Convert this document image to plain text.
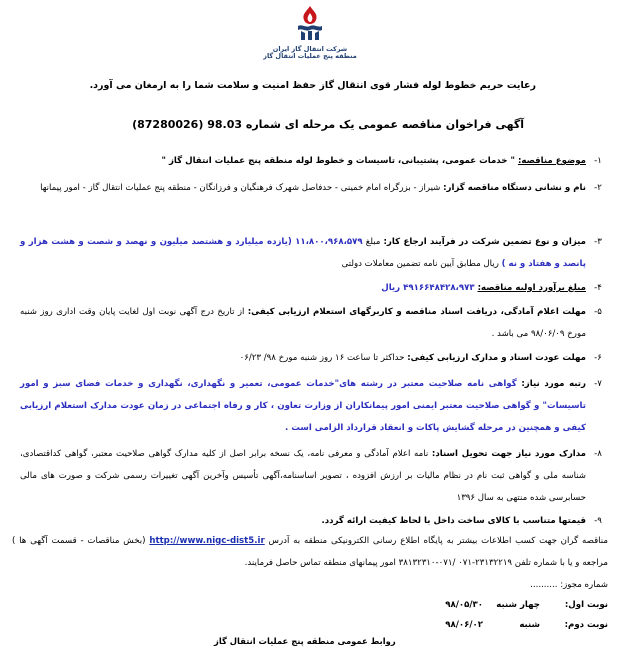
شرکت انتقال گاز ایران
منطقه پنج عملیات انتقال گاز
رعایت حریم خطوط لوله فشار قوی انتقال گاز حفظ امنیت و سلامت شما را به ارمغان می آورد.
آگهی فراخوان مناقصه عمومی یک مرحله ای شماره 98.03 (87280026)
۱-
موضوع مناقصه: " خدمات عمومی، پشتیبانی، تاسیسات و خطوط لوله منطقه پنج عملیات انتقال گاز "
۲-
نام و نشانی دستگاه مناقصه گزار: شیراز - بزرگراه امام خمینی - حدفاصل شهرک فرهنگیان و فرزانگان - منطقه پنج عملیات انتقال گاز - امور پیمانها
۳-
میزان و نوع تضمین شرکت در فرآیند ارجاع کار: مبلغ ۱۱،۸۰۰،۹۶۸،۵۷۹ (یازده میلیارد و هشتصد میلیون و نهصد و شصت و هشت هزار و پانصد و هفتاد و نه ) ریال مطابق آیین نامه تضمین معاملات دولتی
۴-
مبلغ برآورد اولیه مناقصه: ۴۹۱۶۶۴۸۴۲۸،۹۷۳ ریال
۵-
مهلت اعلام آمادگی، دریافت اسناد مناقصه و کاربرگهای استعلام ارزیابی کیفی: از تاریخ درج آگهی نوبت اول لغایت پایان وقت اداری روز شنبه مورخ ۹۸/۰۶/۰۹ می باشد .
۶-
مهلت عودت اسناد و مدارک ارزیابی کیفی: حداکثر تا ساعت ۱۶ روز شنبه مورخ ۹۸/ ۰۶/۲۳
۷-
رتبه مورد نیاز: گواهی نامه صلاحیت معتبر در رشته های"خدمات عمومی، تعمیر و نگهداری، نگهداری و خدمات فضای سبز و امور تاسیسات" و گواهی صلاحیت معتبر ایمنی امور پیمانکاران از وزارت تعاون ، کار و رفاه اجتماعی در زمان عودت مدارک استعلام ارزیابی کیفی و همچنین در مرحله گشایش پاکات و انعقاد قرارداد الزامی است .
۸-
مدارک مورد نیاز جهت تحویل اسناد: نامه اعلام آمادگی و معرفی نامه، یک نسخه برابر اصل از کلیه مدارک گواهی صلاحیت معتبر، گواهی کداقتصادی، شناسه ملی و گواهی ثبت نام در نظام مالیات بر ارزش افزوده ، تصویر اساسنامه،آگهی تأسیس وآخرین آگهی تغییرات رسمی شرکت و صورت های مالی حسابرسی شده منتهی به سال ۱۳۹۶
۹-
قیمتها متناسب با کالای ساخت داخل با لحاظ کیفیت ارائه گردد.
مناقصه گران جهت کسب اطلاعات بیشتر به پایگاه اطلاع رسانی الکترونیکی منطقه به آدرس http://www.nigc-dist5.ir (بخش مناقصات - قسمت آگهی ها ) مراجعه و یا با شماره تلفن ۲۳۱۳۲۲۱۹-۰۷۱ /۰۷۱-۳۸۱۳۲۳۱۰ امور پیمانهای منطقه تماس حاصل فرمایند.
شماره مجوز: ..........
نوبت اول:
چهار شنبه
۹۸/۰۵/۳۰
نوبت دوم:
شنبه
۹۸/۰۶/۰۲
روابط عمومی منطقه پنج عملیات انتقال گاز
